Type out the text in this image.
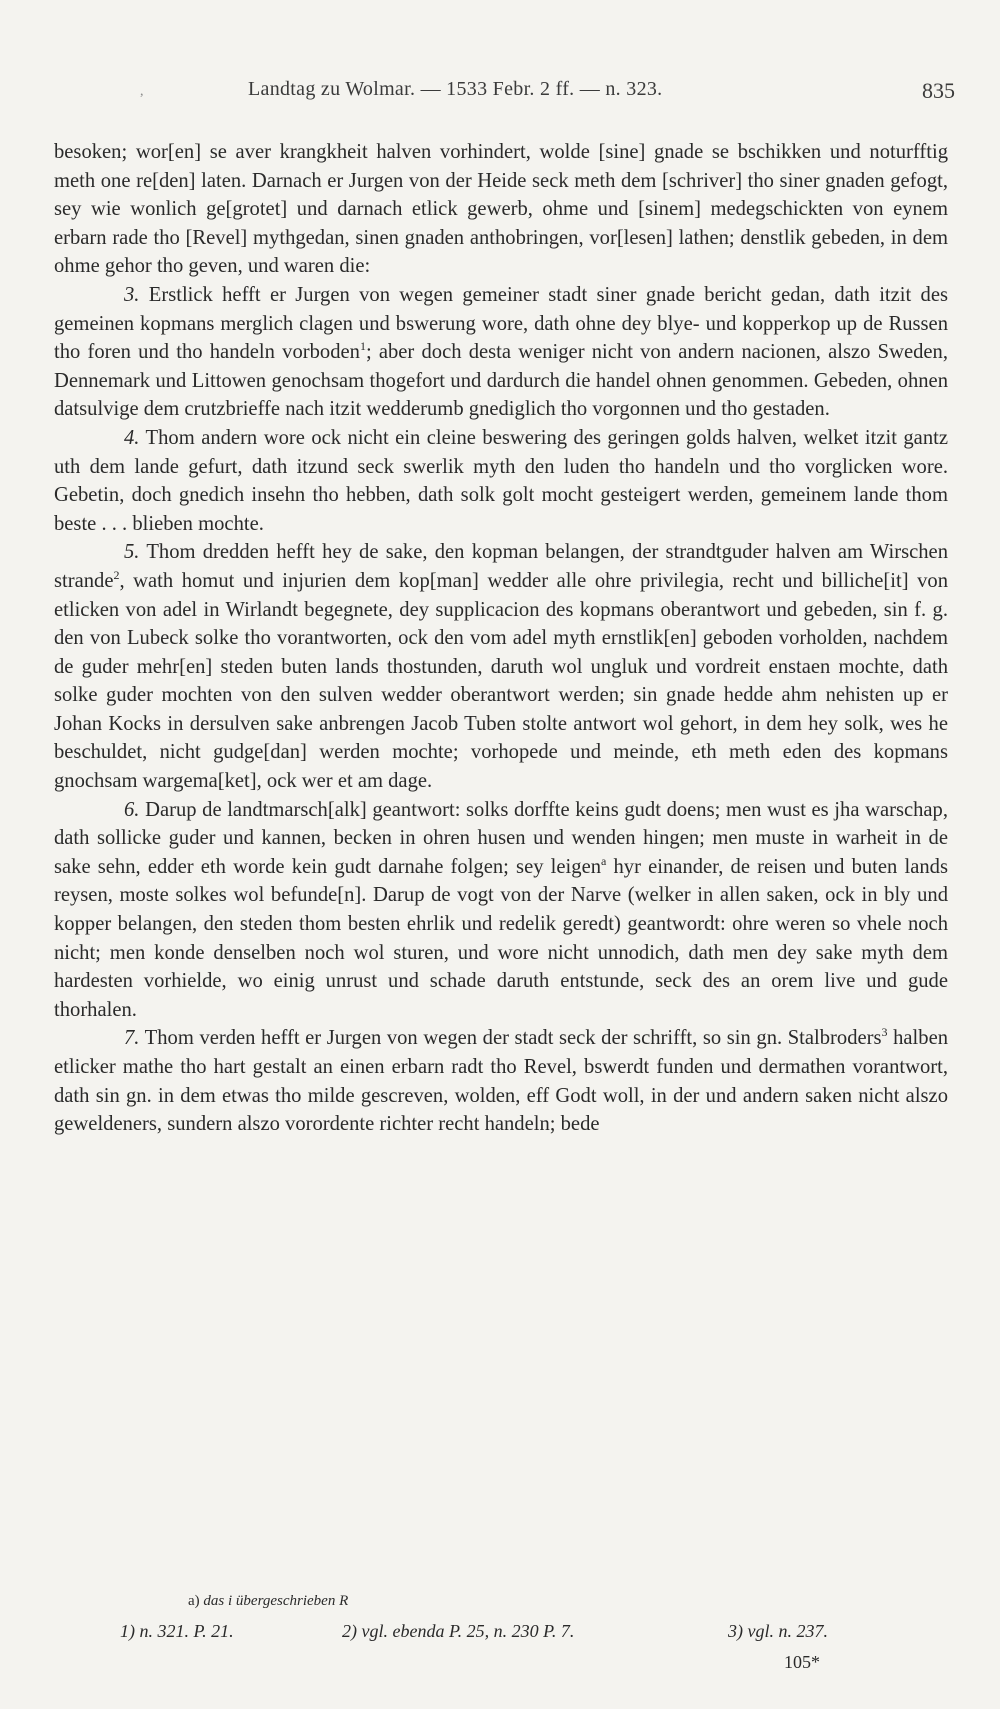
,	Landtag zu Wolmar. — 1533 Febr. 2 ff. — n. 323.	835

besoken; wor[en] se aver krangkheit halven vorhindert, wolde [sine] gnade se bschikken und noturfftig meth one re[den] laten. Darnach er Jurgen von der Heide seck meth dem [schriver] tho siner gnaden gefogt, sey wie wonlich ge[grotet] und darnach etlick gewerb, ohme und [sinem] medegschickten von eynem erbarn rade tho [Revel] mythgedan, sinen gnaden anthobringen, vor[lesen] lathen; denstlik gebeden, in dem ohme gehor tho geven, und waren die:

3. Erstlick hefft er Jurgen von wegen gemeiner stadt siner gnade bericht gedan, dath itzit des gemeinen kopmans merglich clagen und bswerung wore, dath ohne dey blye- und kopperkop up de Russen tho foren und tho handeln vorboden$^1$; aber doch desta weniger nicht von andern nacionen, alszo Sweden, Dennemark und Littowen genochsam thogefort und dardurch die handel ohnen genommen. Gebeden, ohnen datsulvige dem crutzbrieffe nach itzit wedderumb gnediglich tho vorgonnen und tho gestaden.

4. Thom andern wore ock nicht ein cleine beswering des geringen golds halven, welket itzit gantz uth dem lande gefurt, dath itzund seck swerlik myth den luden tho handeln und tho vorglicken wore. Gebetin, doch gnedich insehn tho hebben, dath solk golt mocht gesteigert werden, gemeinem lande thom beste . . . blieben mochte.

5. Thom dredden hefft hey de sake, den kopman belangen, der strandtguder halven am Wirschen strande$^2$, wath homut und injurien dem kop[man] wedder alle ohre privilegia, recht und billiche[it] von etlicken von adel in Wirlandt begegnete, dey supplicacion des kopmans oberantwort und gebeden, sin f. g. den von Lubeck solke tho vorantworten, ock den vom adel myth ernstlik[en] geboden vorholden, nachdem de guder mehr[en] steden buten lands thostunden, daruth wol ungluk und vordreit enstaen mochte, dath solke guder mochten von den sulven wedder oberantwort werden; sin gnade hedde ahm nehisten up er Johan Kocks in dersulven sake anbrengen Jacob Tuben stolte antwort wol gehort, in dem hey solk, wes he beschuldet, nicht gudge[dan] werden mochte; vorhopede und meinde, eth meth eden des kopmans gnochsam wargema[ket], ock wer et am dage.

6. Darup de landtmarsch[alk] geantwort: solks dorffte keins gudt doens; men wust es jha warschap, dath sollicke guder und kannen, becken in ohren husen und wenden hingen; men muste in warheit in de sake sehn, edder eth worde kein gudt darnahe folgen; sey leigen$^a$ hyr einander, de reisen und buten lands reysen, moste solkes wol befunde[n]. Darup de vogt von der Narve (welker in allen saken, ock in bly und kopper belangen, den steden thom besten ehrlik und redelik geredt) geantwordt: ohre weren so vhele noch nicht; men konde denselben noch wol sturen, und wore nicht unnodich, dath men dey sake myth dem hardesten vorhielde, wo einig unrust und schade daruth entstunde, seck des an orem live und gude thorhalen.

7. Thom verden hefft er Jurgen von wegen der stadt seck der schrifft, so sin gn. Stalbroders$^3$ halben etlicker mathe tho hart gestalt an einen erbarn radt tho Revel, bswerdt funden und dermathen vorantwort, dath sin gn. in dem etwas tho milde gescreven, wolden, eff Godt woll, in der und andern saken nicht alszo geweldeners, sundern alszo vorordente richter recht handeln; bede

a) das i übergeschrieben R
1) n. 321. P. 21.	2) vgl. ebenda P. 25, n. 230 P. 7.	3) vgl. n. 237.
105*
